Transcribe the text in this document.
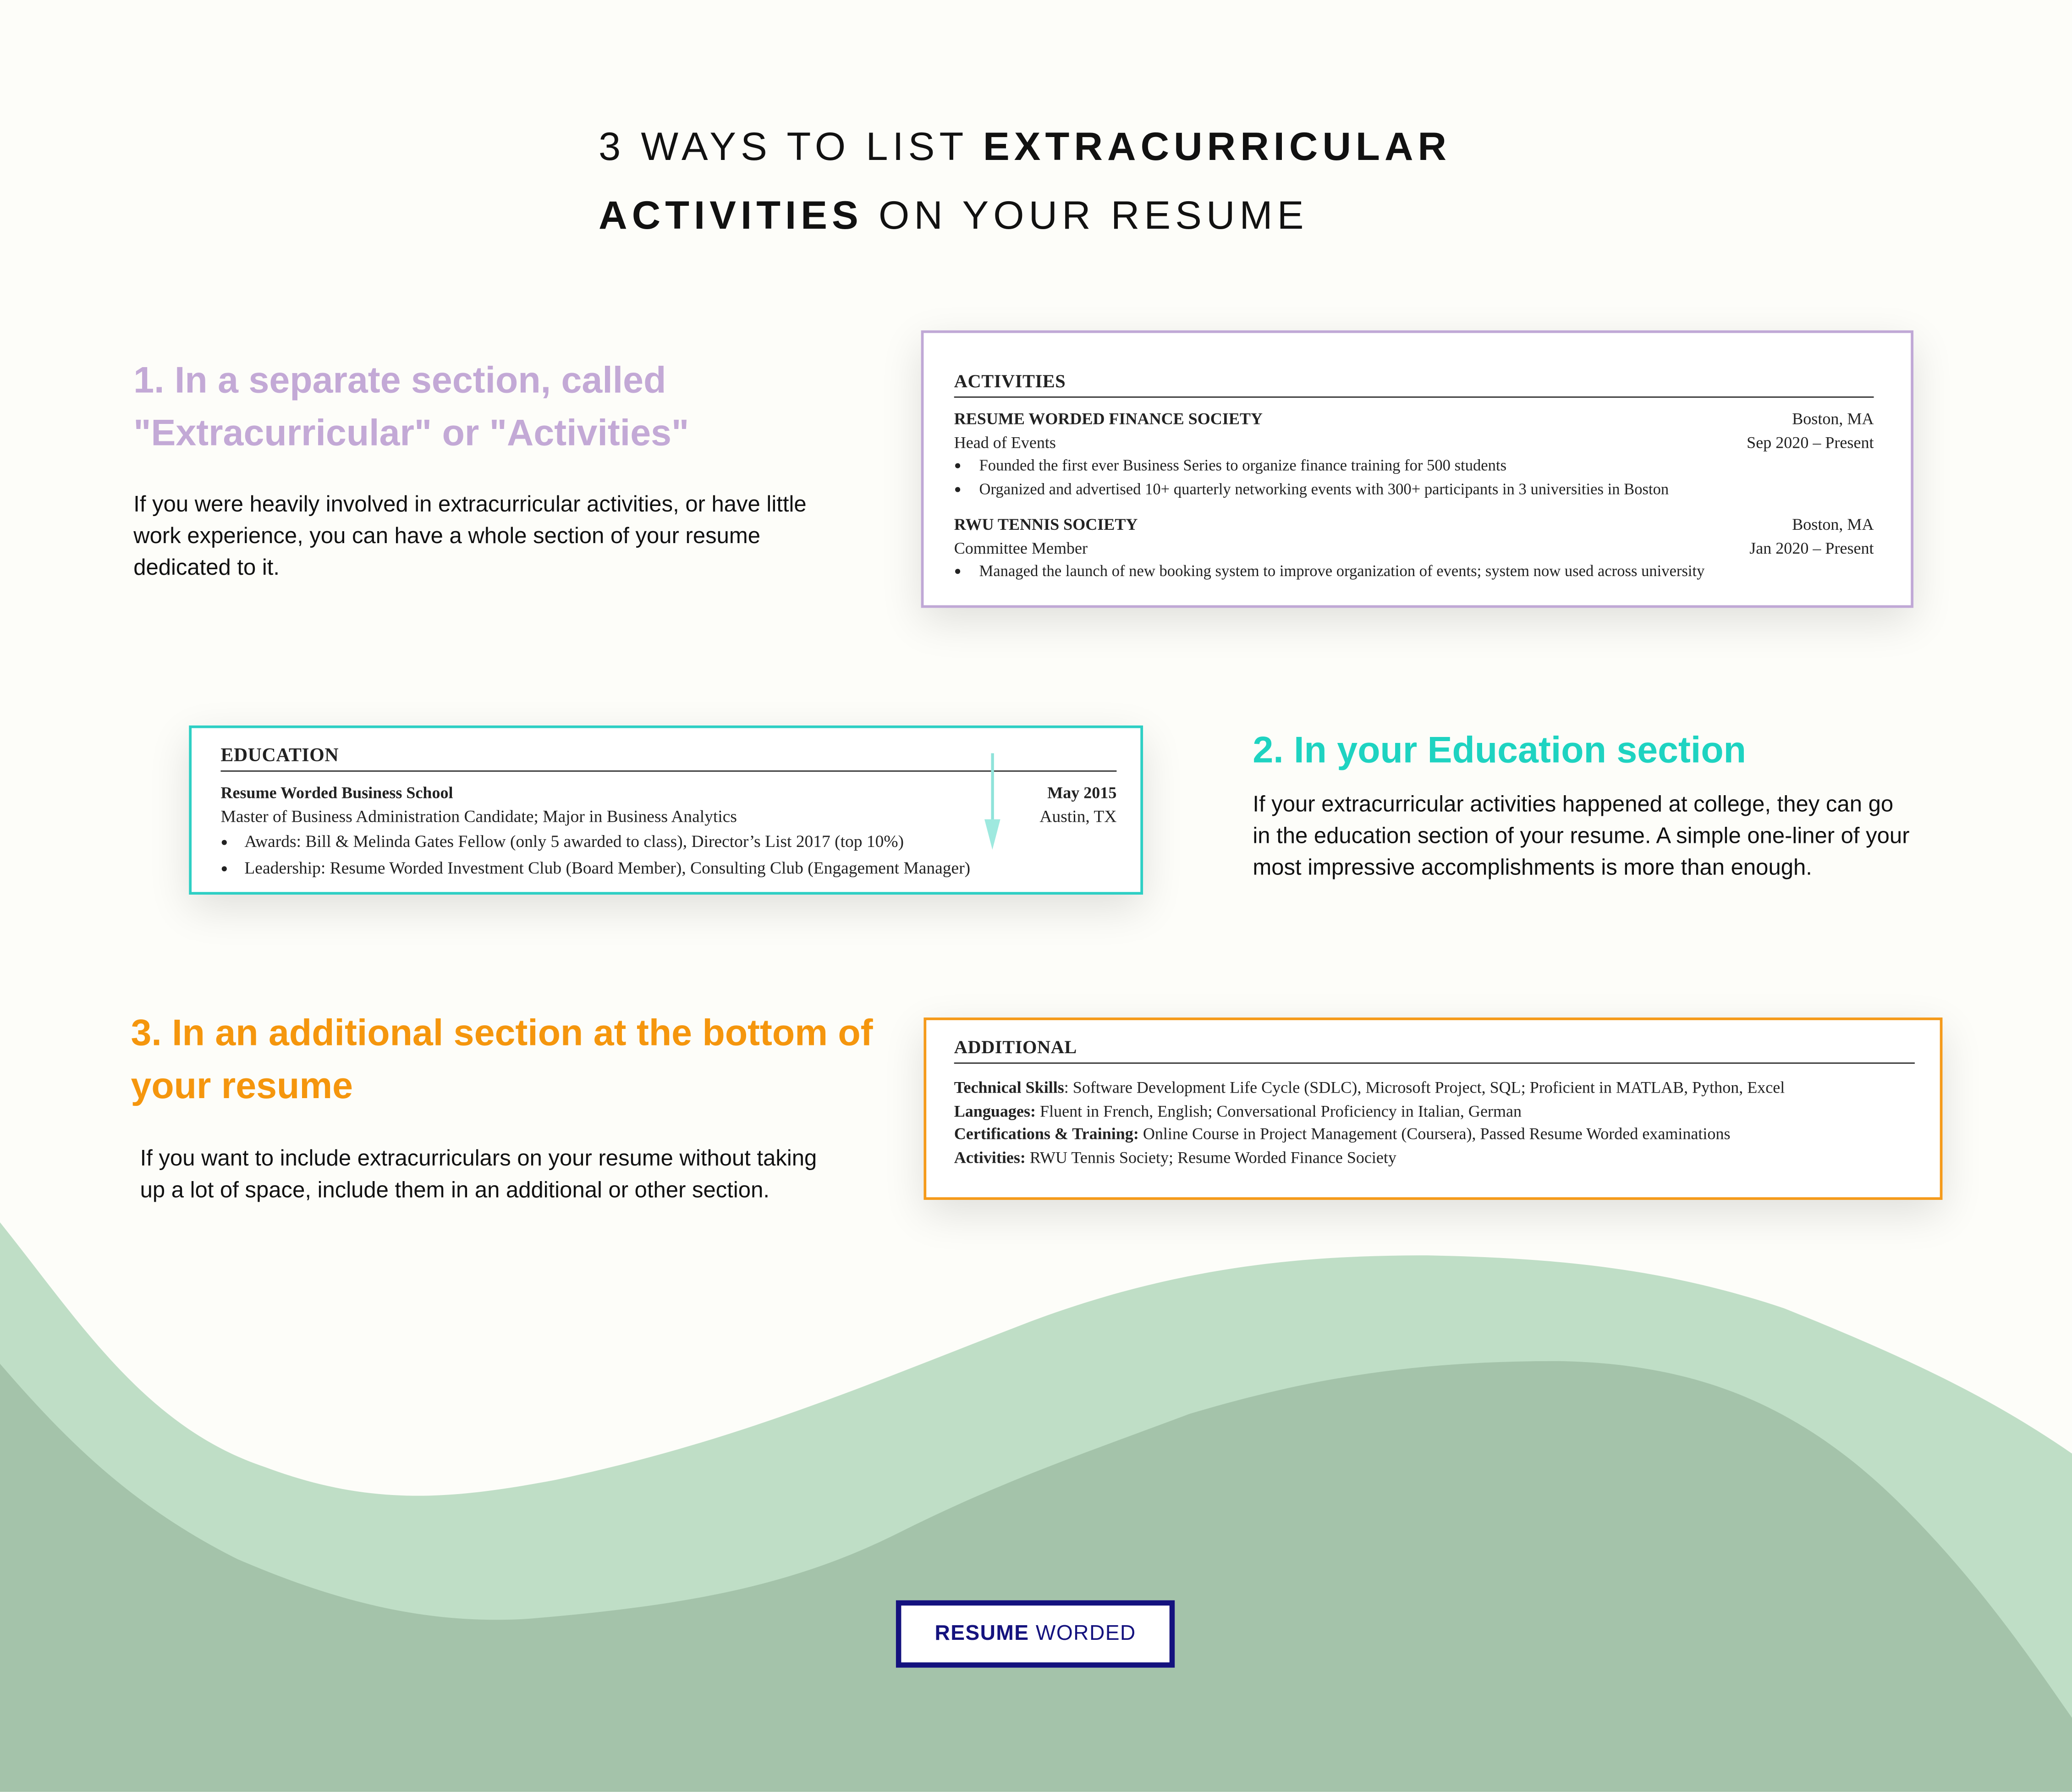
3 WAYS TO LIST EXTRACURRICULAR
ACTIVITIES ON YOUR RESUME
1. In a separate section, called "Extracurricular" or "Activities"

If you were heavily involved in extracurricular activities, or have little work experience, you can have a whole section of your resume dedicated to it.

ACTIVITIES
RESUME WORDED FINANCE SOCIETY	Boston, MA
Head of Events	Sep 2020 – Present
● Founded the first ever Business Series to organize finance training for 500 students
● Organized and advertised 10+ quarterly networking events with 300+ participants in 3 universities in Boston
RWU TENNIS SOCIETY	Boston, MA
Committee Member	Jan 2020 – Present
● Managed the launch of new booking system to improve organization of events; system now used across university
EDUCATION
Resume Worded Business School	May 2015
Master of Business Administration Candidate; Major in Business Analytics	Austin, TX
● Awards: Bill & Melinda Gates Fellow (only 5 awarded to class), Director’s List 2017 (top 10%)
● Leadership: Resume Worded Investment Club (Board Member), Consulting Club (Engagement Manager)
2. In your Education section

If your extracurricular activities happened at college, they can go in the education section of your resume. A simple one-liner of your most impressive accomplishments is more than enough.

3. In an additional section at the bottom of your resume

If you want to include extracurriculars on your resume without taking up a lot of space, include them in an additional or other section.

ADDITIONAL
Technical Skills: Software Development Life Cycle (SDLC), Microsoft Project, SQL; Proficient in MATLAB, Python, Excel
Languages: Fluent in French, English; Conversational Proficiency in Italian, German
Certifications & Training: Online Course in Project Management (Coursera), Passed Resume Worded examinations
Activities: RWU Tennis Society; Resume Worded Finance Society
RESUME WORDED
